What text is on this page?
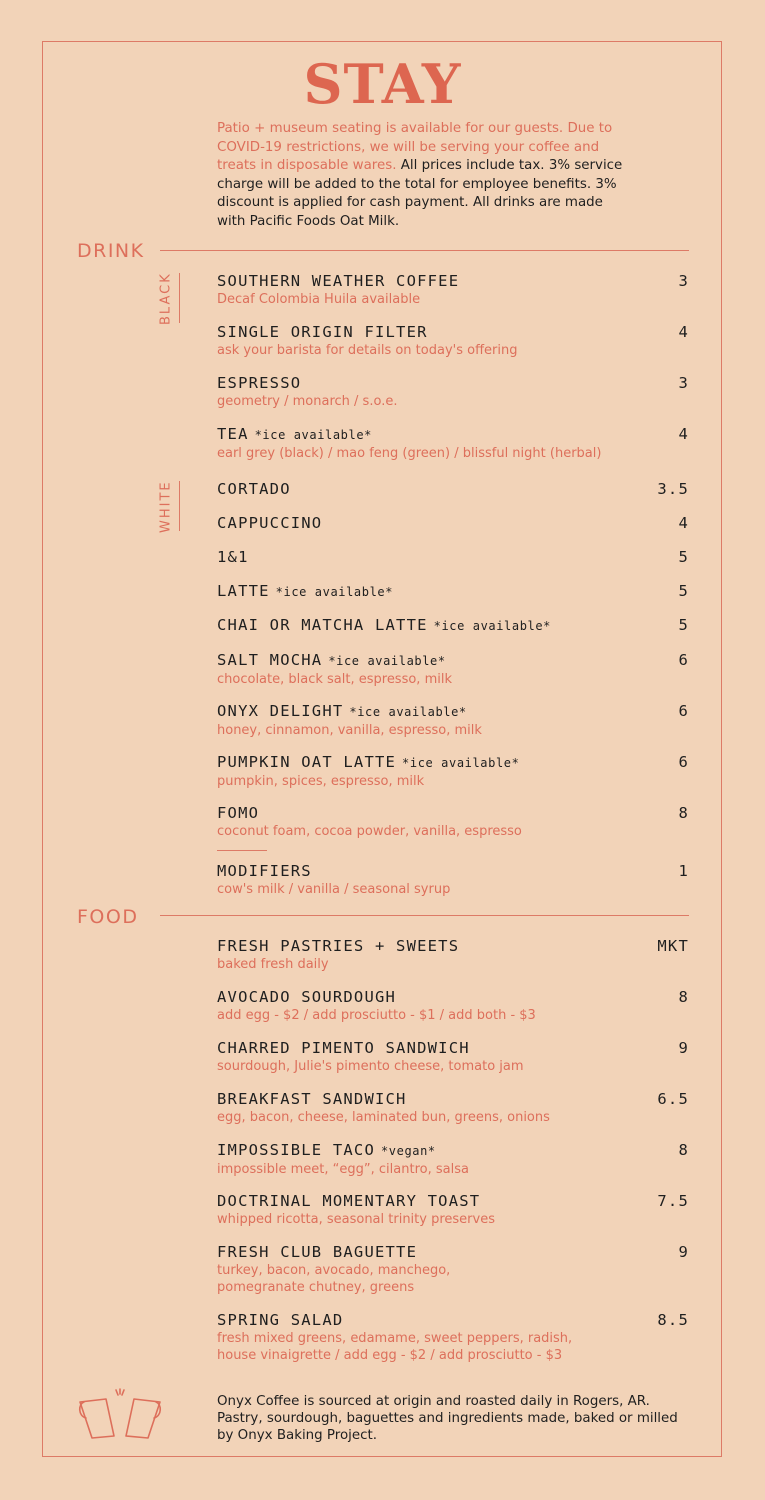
STAY
Patio + museum seating is available for our guests. Due to COVID-19 restrictions, we will be serving your coffee and treats in disposable wares. All prices include tax. 3% service charge will be added to the total for employee benefits. 3% discount is applied for cash payment. All drinks are made with Pacific Foods Oat Milk.
DRINK
BLACK
WHITE
SOUTHERN WEATHER COFFEE
Decaf Colombia Huila available
3
SINGLE ORIGIN FILTER
ask your barista for details on today's offering
4
ESPRESSO
geometry / monarch / s.o.e.
3
TEA *ice available*
earl grey (black) / mao feng (green) / blissful night (herbal)
4
CORTADO	3.5
CAPPUCCINO	4
1&1	5
LATTE *ice available*	5
CHAI OR MATCHA LATTE *ice available*	5
SALT MOCHA *ice available*
chocolate, black salt, espresso, milk
6
ONYX DELIGHT *ice available*
honey, cinnamon, vanilla, espresso, milk
6
PUMPKIN OAT LATTE *ice available*
pumpkin, spices, espresso, milk
6
FOMO
coconut foam, cocoa powder, vanilla, espresso
8
MODIFIERS
cow's milk / vanilla / seasonal syrup
1
FOOD
FRESH PASTRIES + SWEETS
baked fresh daily
MKT
AVOCADO SOURDOUGH
add egg - $2 / add prosciutto - $1 / add both - $3
8
CHARRED PIMENTO SANDWICH
sourdough, Julie's pimento cheese, tomato jam
9
BREAKFAST SANDWICH
egg, bacon, cheese, laminated bun, greens, onions
6.5
IMPOSSIBLE TACO *vegan*
impossible meet, “egg”, cilantro, salsa
8
DOCTRINAL MOMENTARY TOAST
whipped ricotta, seasonal trinity preserves
7.5
FRESH CLUB BAGUETTE
turkey, bacon, avocado, manchego,
pomegranate chutney, greens
9
SPRING SALAD
fresh mixed greens, edamame, sweet peppers, radish,
house vinaigrette / add egg - $2 / add prosciutto - $3
8.5
Onyx Coffee is sourced at origin and roasted daily in Rogers, AR. Pastry, sourdough, baguettes and ingredients made, baked or milled by Onyx Baking Project.
